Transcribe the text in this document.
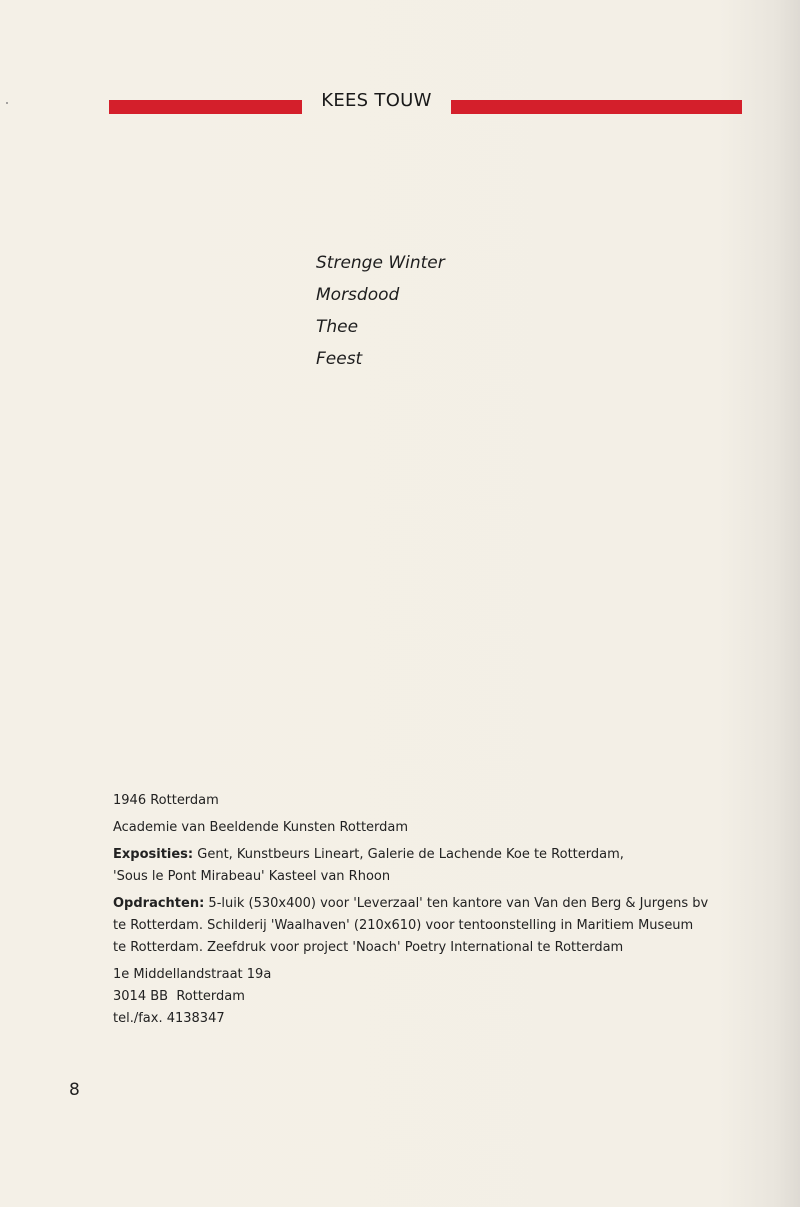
KEES TOUW

Strenge Winter

Morsdood

Thee

Feest

1946 Rotterdam

Academie van Beeldende Kunsten Rotterdam

Exposities: Gent, Kunstbeurs Lineart, Galerie de Lachende Koe te Rotterdam,
'Sous le Pont Mirabeau' Kasteel van Rhoon

Opdrachten: 5-luik (530x400) voor 'Leverzaal' ten kantore van Van den Berg & Jurgens bv
te Rotterdam. Schilderij 'Waalhaven' (210x610) voor tentoonstelling in Maritiem Museum
te Rotterdam. Zeefdruk voor project 'Noach' Poetry International te Rotterdam

1e Middellandstraat 19a
3014 BB  Rotterdam
tel./fax. 4138347

8
